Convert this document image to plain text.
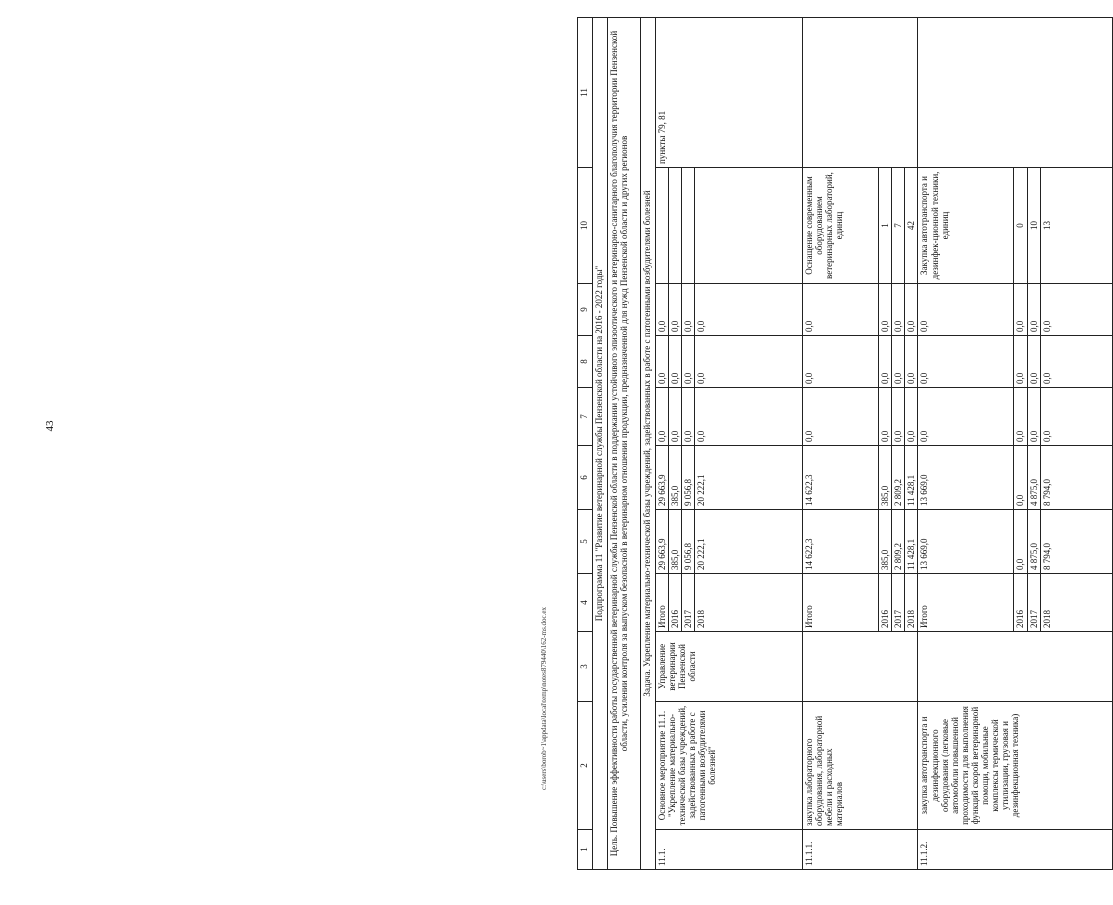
43
1	2	3	4	5	6	7	8	9	10	11
Подпрограмма 11 "Развитие ветеринарной службы Пензенской области на 2016 - 2022 годы"										
Цель. Повышение эффективности работы государственной ветеринарной службы Пензенской области в поддержании устойчивого эпизоотического и ветеринарно-санитарного благополучия территории Пензенской области, усилении контроля за выпуском безопасной в ветеринарном отношении продукции, предназначенной для нужд Пензенской области и других регионов										
Задача. Укрепление материально-технической базы учреждений, задействованных в работе с патогенными возбудителями болезней										
11.1.	Основное мероприятие 11.1. "Укрепление материально-технической базы учреждений, задействованных в работе с патогенными возбудителями болезней"	Управление ветеринарии Пензенской области	Итого	29 663,9	29 663,9	0,0	0,0	0,0		пункты 79, 81
			2016	385,0	385,0	0,0	0,0	0,0		
			2017	9 056,8	9 056,8	0,0	0,0	0,0		
			2018	20 222,1	20 222,1	0,0	0,0	0,0		
11.1.1.	закупка лабораторного оборудования, лабораторной мебели и расходных материалов		Итого	14 622,3	14 622,3	0,0	0,0	0,0	Оснащение современным оборудованием ветеринарных лабораторий, единиц	
			2016	385,0	385,0	0,0	0,0	0,0	1	
			2017	2 809,2	2 809,2	0,0	0,0	0,0	7	
			2018	11 428,1	11 428,1	0,0	0,0	0,0	42	
11.1.2.	закупка автотранспорта и дезинфекционного оборудования (легковые автомобили повышенной проходимости для выполнения функций скорой ветеринарной помощи, мобильные комплексы термической утилизации, грузовая и дезинфекционная техника)		Итого	13 669,0	13 669,0	0,0	0,0	0,0	Закупка автотранспорта и дезинфек-ционной техники, единиц	
			2016	0,0	0,0	0,0	0,0	0,0	0	
			2017	4 875,0	4 875,0	0,0	0,0	0,0	10	
			2018	8 794,0	8 794,0	0,0	0,0	0,0	13	
c:\users\borob~1\appdata\local\temp\notes879440\162-ms.doc.ex
